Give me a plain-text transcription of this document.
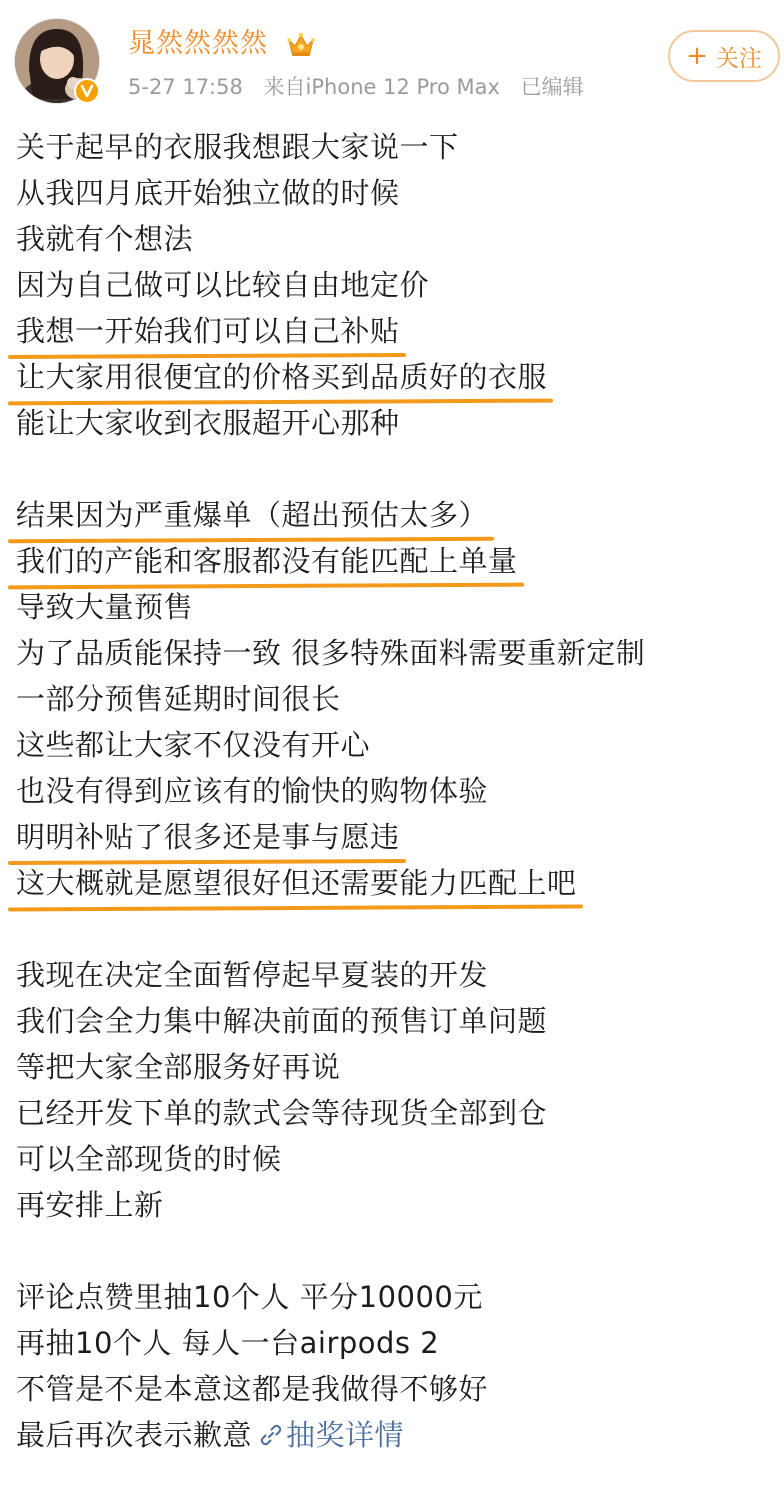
晁然然然然
5-27 17:58 来自iPhone 12 Pro Max 已编辑
+ 关注
关于起早的衣服我想跟大家说一下
从我四月底开始独立做的时候
我就有个想法
因为自己做可以比较自由地定价
我想一开始我们可以自己补贴
让大家用很便宜的价格买到品质好的衣服
能让大家收到衣服超开心那种
结果因为严重爆单（超出预估太多）
我们的产能和客服都没有能匹配上单量
导致大量预售
为了品质能保持一致 很多特殊面料需要重新定制
一部分预售延期时间很长
这些都让大家不仅没有开心
也没有得到应该有的愉快的购物体验
明明补贴了很多还是事与愿违
这大概就是愿望很好但还需要能力匹配上吧
我现在决定全面暂停起早夏装的开发
我们会全力集中解决前面的预售订单问题
等把大家全部服务好再说
已经开发下单的款式会等待现货全部到仓
可以全部现货的时候
再安排上新
评论点赞里抽10个人 平分10000元
再抽10个人 每人一台airpods 2
不管是不是本意这都是我做得不够好
最后再次表示歉意 抽奖详情
